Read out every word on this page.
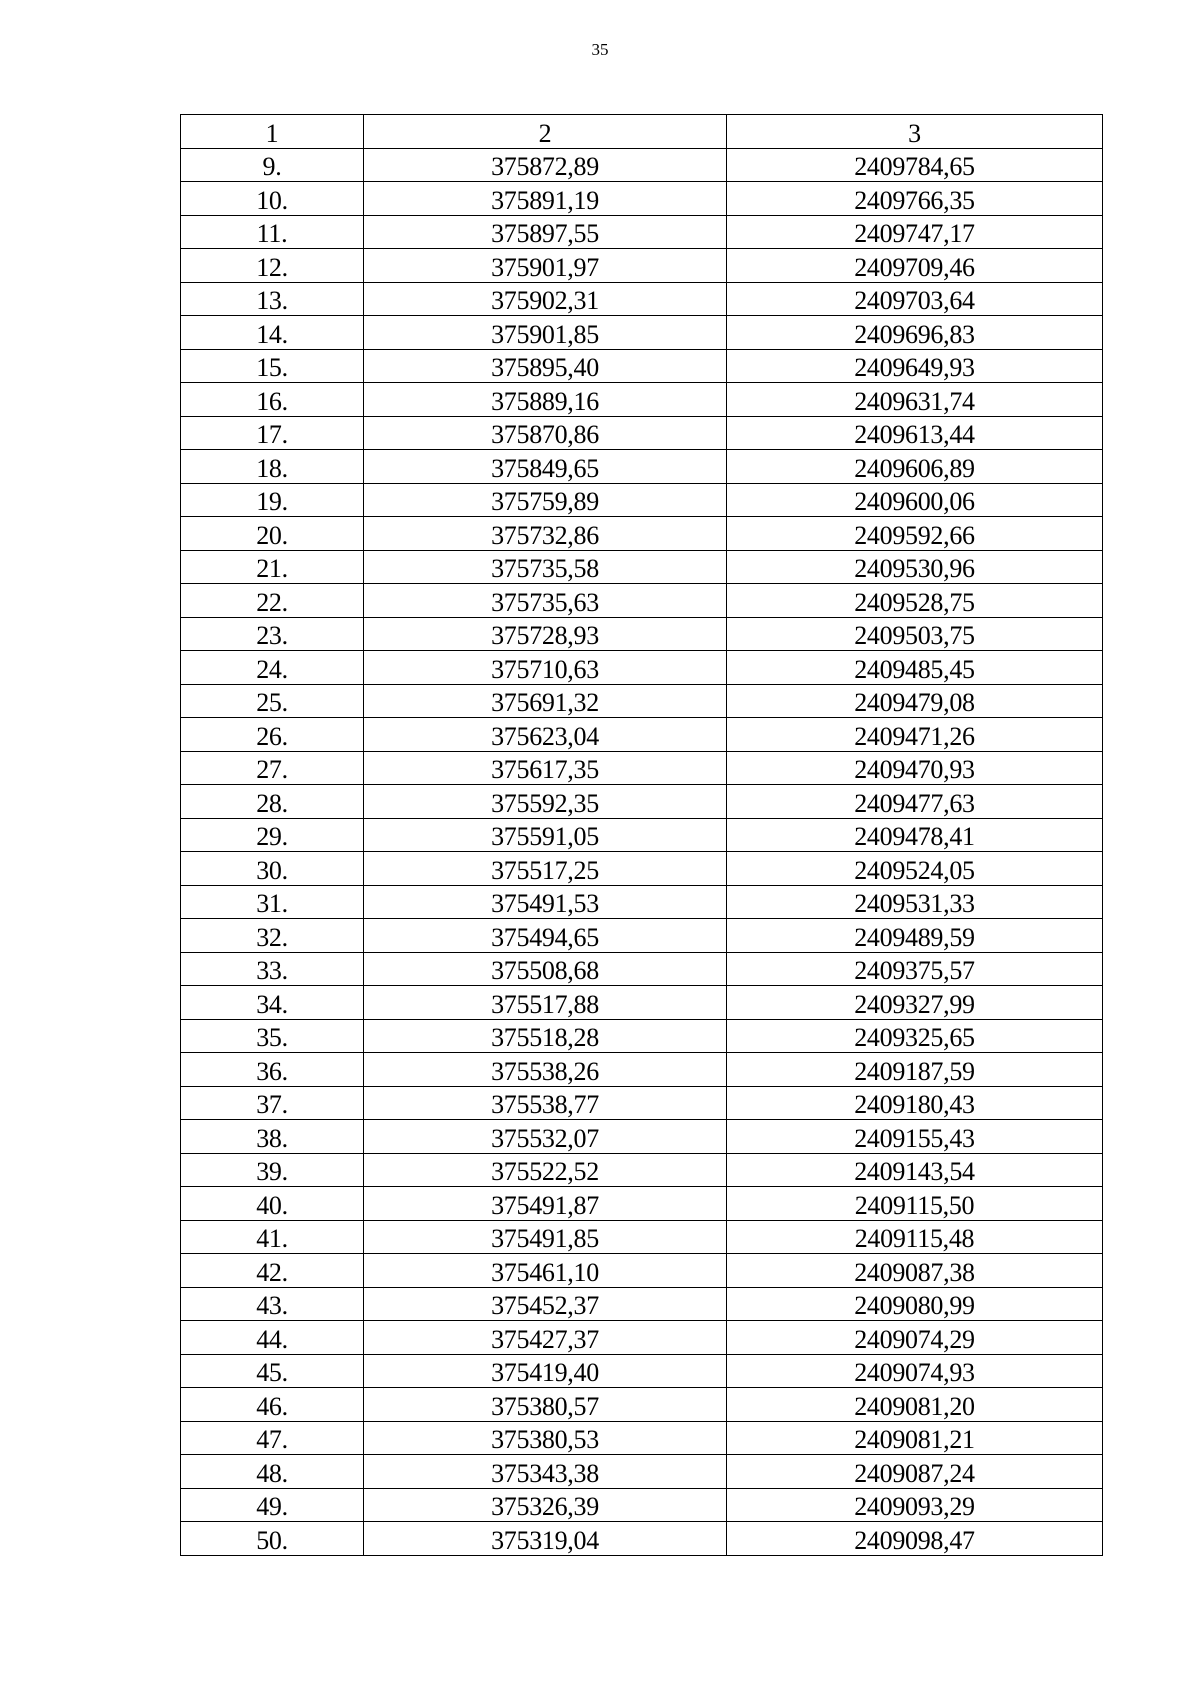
35
1	2	3
9.	375872,89	2409784,65
10.	375891,19	2409766,35
11.	375897,55	2409747,17
12.	375901,97	2409709,46
13.	375902,31	2409703,64
14.	375901,85	2409696,83
15.	375895,40	2409649,93
16.	375889,16	2409631,74
17.	375870,86	2409613,44
18.	375849,65	2409606,89
19.	375759,89	2409600,06
20.	375732,86	2409592,66
21.	375735,58	2409530,96
22.	375735,63	2409528,75
23.	375728,93	2409503,75
24.	375710,63	2409485,45
25.	375691,32	2409479,08
26.	375623,04	2409471,26
27.	375617,35	2409470,93
28.	375592,35	2409477,63
29.	375591,05	2409478,41
30.	375517,25	2409524,05
31.	375491,53	2409531,33
32.	375494,65	2409489,59
33.	375508,68	2409375,57
34.	375517,88	2409327,99
35.	375518,28	2409325,65
36.	375538,26	2409187,59
37.	375538,77	2409180,43
38.	375532,07	2409155,43
39.	375522,52	2409143,54
40.	375491,87	2409115,50
41.	375491,85	2409115,48
42.	375461,10	2409087,38
43.	375452,37	2409080,99
44.	375427,37	2409074,29
45.	375419,40	2409074,93
46.	375380,57	2409081,20
47.	375380,53	2409081,21
48.	375343,38	2409087,24
49.	375326,39	2409093,29
50.	375319,04	2409098,47
